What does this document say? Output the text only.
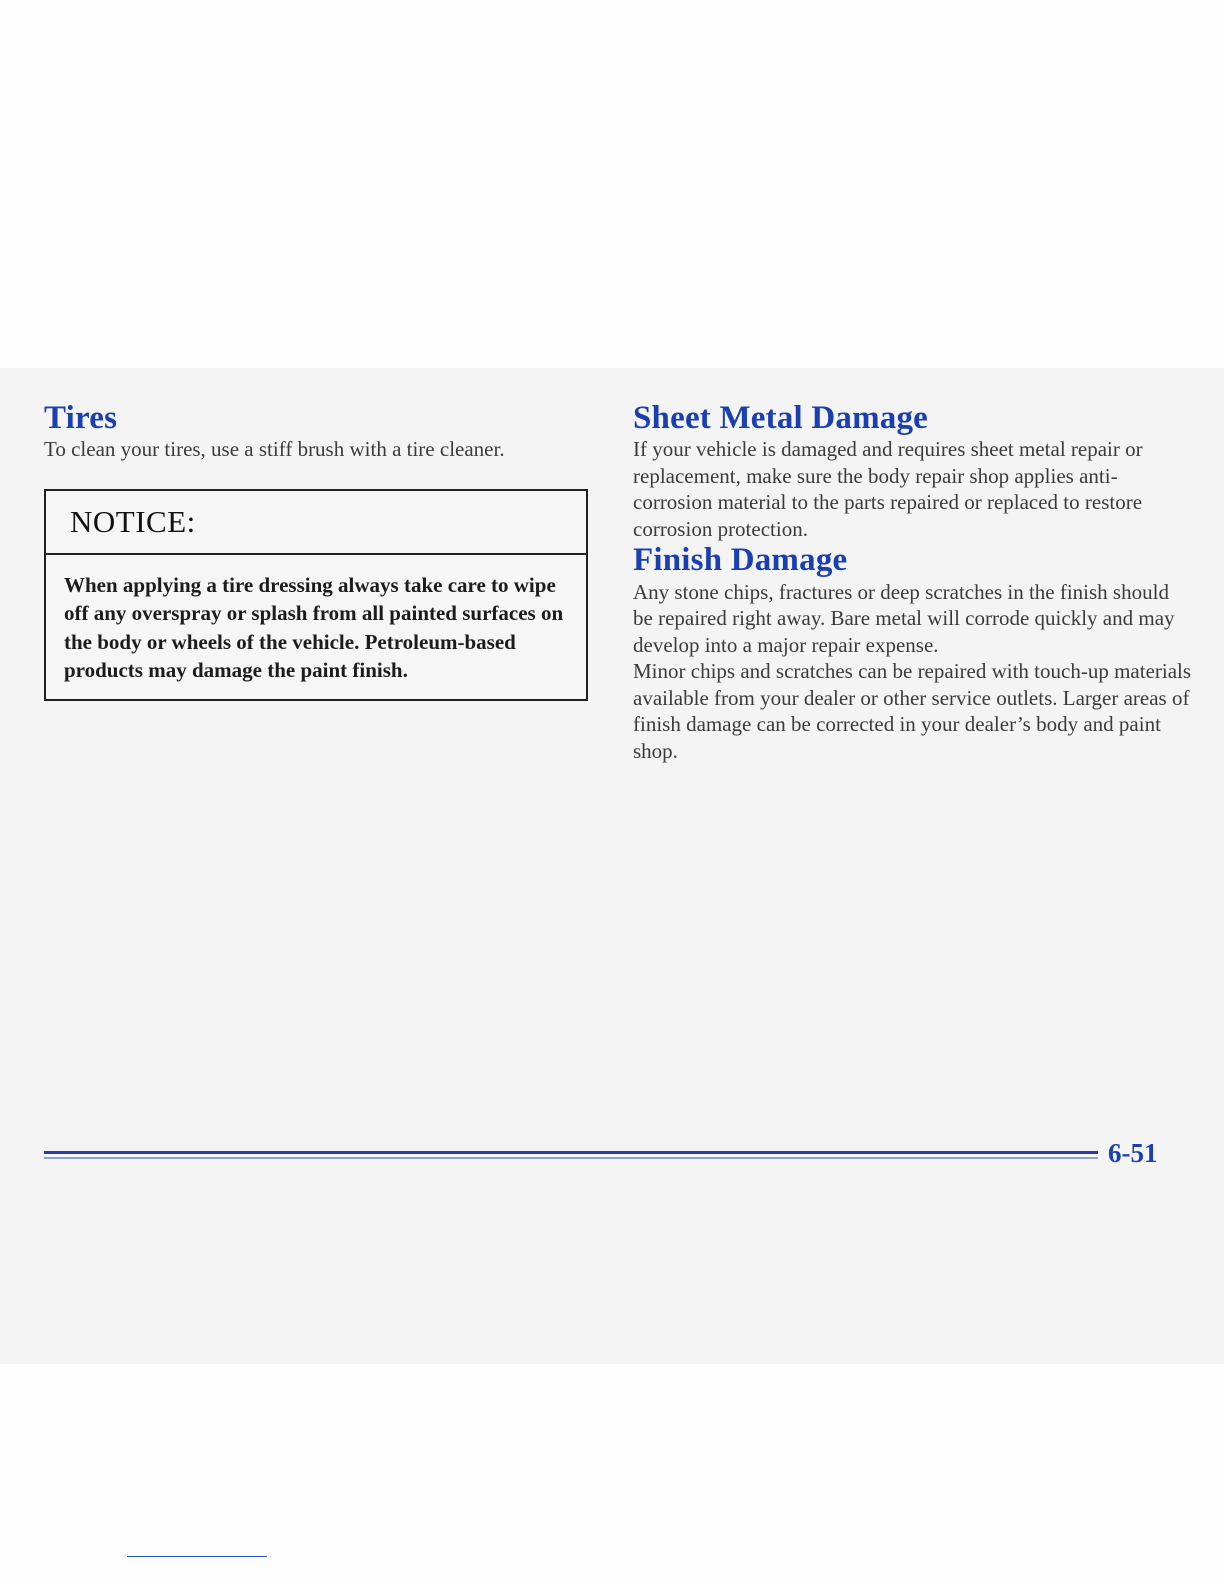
Tires

To clean your tires, use a stiff brush with a tire cleaner.

NOTICE:
When applying a tire dressing always take care to wipe off any overspray or splash from all painted surfaces on the body or wheels of the vehicle. Petroleum-based products may damage the paint finish.
Sheet Metal Damage

If your vehicle is damaged and requires sheet metal repair or replacement, make sure the body repair shop applies anti-corrosion material to the parts repaired or replaced to restore corrosion protection.

Finish Damage

Any stone chips, fractures or deep scratches in the finish should be repaired right away. Bare metal will corrode quickly and may develop into a major repair expense.

Minor chips and scratches can be repaired with touch-up materials available from your dealer or other service outlets. Larger areas of finish damage can be corrected in your dealer’s body and paint shop.

6-51
